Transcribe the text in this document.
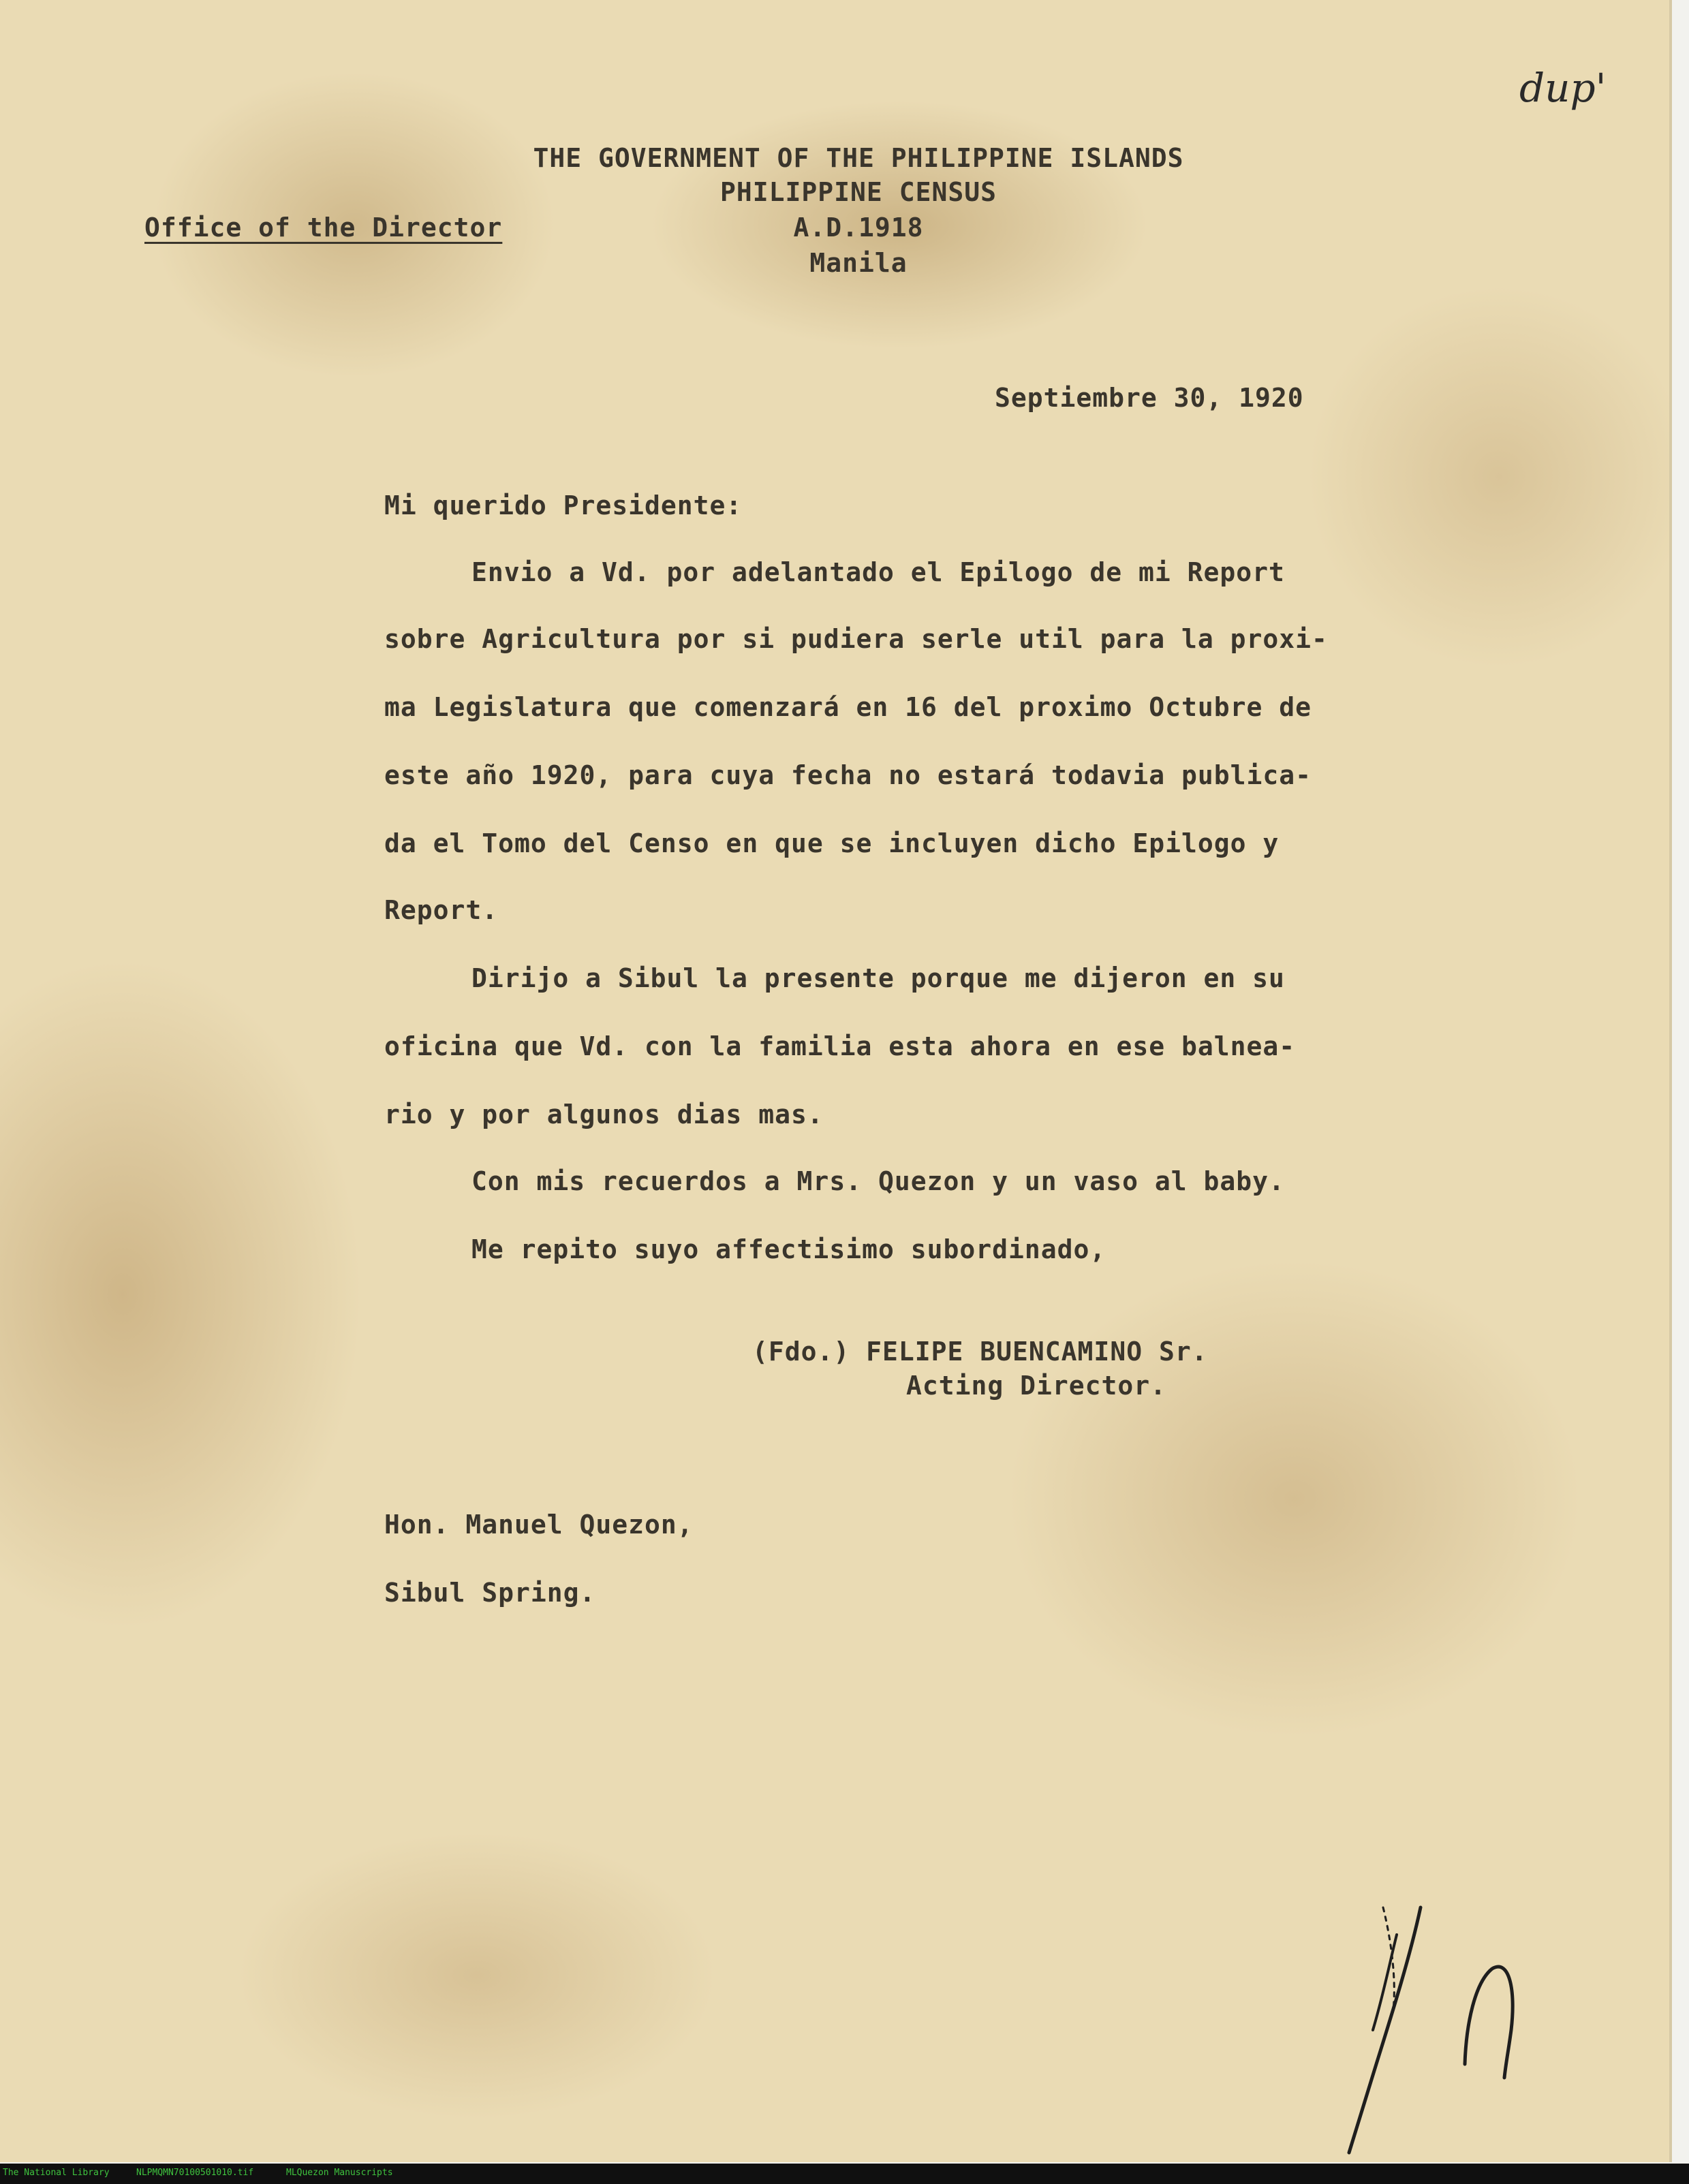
THE GOVERNMENT OF THE PHILIPPINE ISLANDS

PHILIPPINE CENSUS

Office of the Director	A.D.1918

Manila

dup'

Septiembre 30, 1920

Mi querido Presidente:

Envio a Vd. por adelantado el Epilogo de mi Report

sobre Agricultura por si pudiera serle util para la proxi-

ma Legislatura que comenzará en 16 del proximo Octubre de

este año 1920, para cuya fecha no estará todavia publica-

da el Tomo del Censo en que se incluyen dicho Epilogo y

Report.

Dirijo a Sibul la presente porque me dijeron en su

oficina que Vd. con la familia esta ahora en ese balnea-

rio y por algunos dias mas.

Con mis recuerdos a Mrs. Quezon y un vaso al baby.

Me repito suyo affectisimo subordinado,

(Fdo.) FELIPE BUENCAMINO Sr.

Acting Director.

Hon. Manuel Quezon,

Sibul Spring.

The National Library	NLPMQMN70100501010.tif	MLQuezon Manuscripts
